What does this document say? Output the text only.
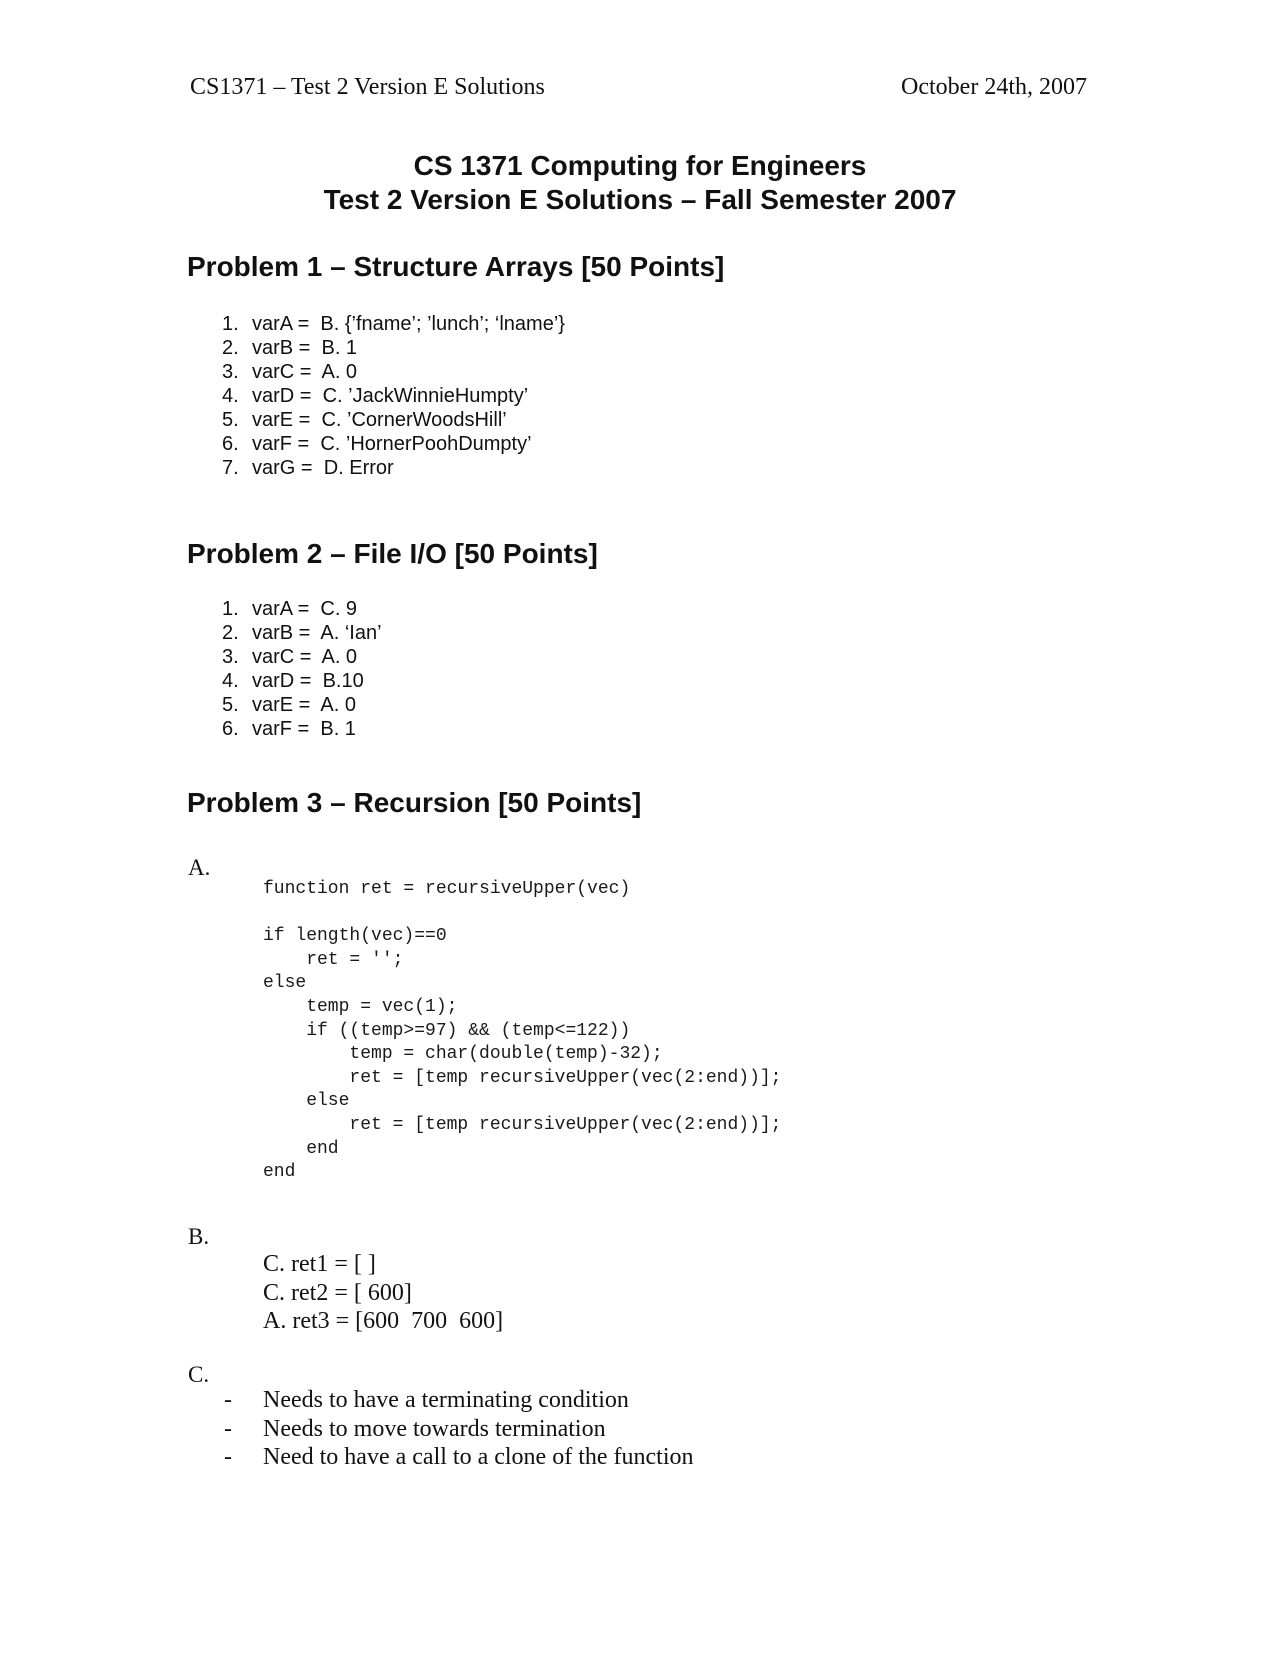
CS1371 – Test 2 Version E Solutions	October 24th, 2007
CS 1371 Computing for Engineers
Test 2 Version E Solutions – Fall Semester 2007
Problem 1 – Structure Arrays [50 Points]
1. varA =  B. {’fname’; ’lunch’; ‘lname’}
2. varB =  B. 1
3. varC =  A. 0
4. varD =  C. ’JackWinnieHumpty’
5. varE =  C. ’CornerWoodsHill’
6. varF =  C. ’HornerPoohDumpty’
7. varG =  D. Error
Problem 2 – File I/O [50 Points]
1. varA =  C. 9
2. varB =  A. ‘Ian’
3. varC =  A. 0
4. varD =  B.10
5. varE =  A. 0
6. varF =  B. 1
Problem 3 – Recursion [50 Points]
A.
function ret = recursiveUpper(vec)

if length(vec)==0
ret = '';
else
temp = vec(1);
if ((temp>=97) && (temp<=122))
temp = char(double(temp)-32);
ret = [temp recursiveUpper(vec(2:end))];
else
ret = [temp recursiveUpper(vec(2:end))];
end
end
B.
C. ret1 = [ ]
C. ret2 = [ 600]
A. ret3 = [600  700  600]
C.
- Needs to have a terminating condition
- Needs to move towards termination
- Need to have a call to a clone of the function
